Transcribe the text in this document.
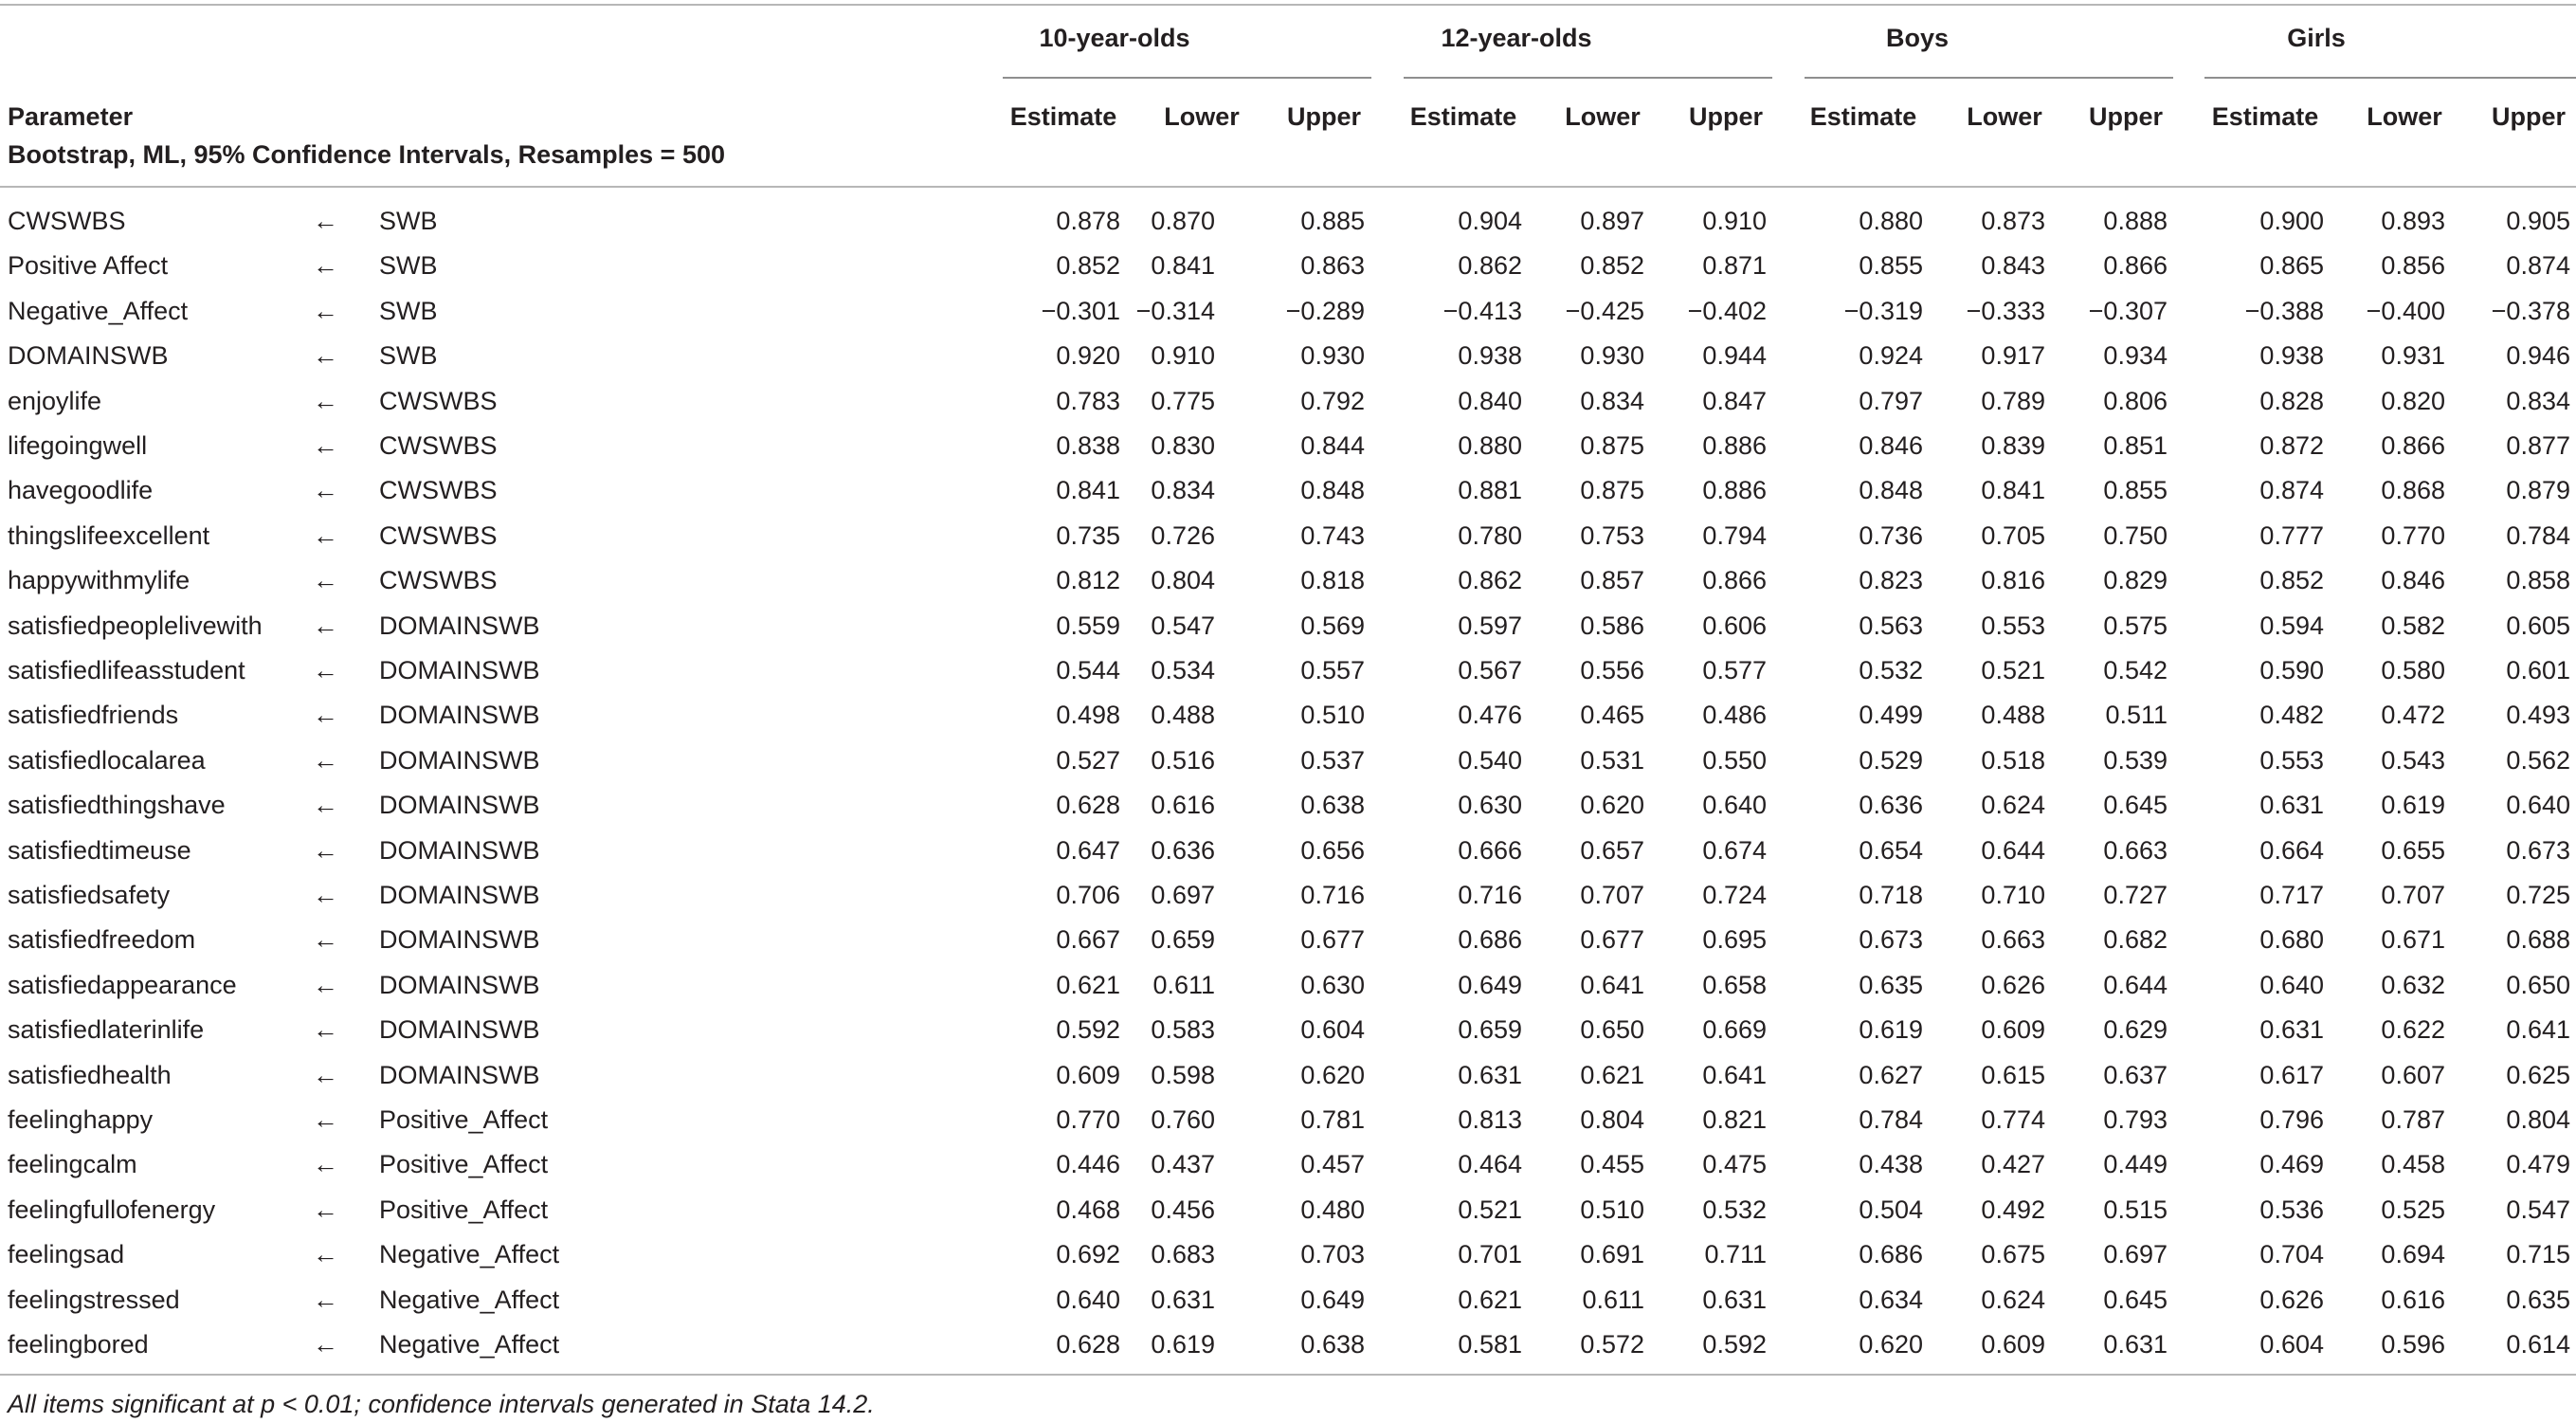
10-year-olds	12-year-olds	Boys	Girls
Parameter
Bootstrap, ML, 95% Confidence Intervals, Resamples = 500
Estimate Lower Upper Estimate Lower Upper Estimate Lower Upper Estimate Lower Upper
CWSWBS	← SWB	0.878 0.870	0.885	0.904 0.897 0.910	0.880 0.873 0.888	0.900 0.893 0.905
Positive Affect	← SWB	0.852 0.841	0.863	0.862 0.852 0.871	0.855 0.843 0.866	0.865 0.856 0.874
Negative_Affect	← SWB	−0.301 −0.314	−0.289	−0.413 −0.425 −0.402	−0.319 −0.333 −0.307	−0.388 −0.400 −0.378
DOMAINSWB	← SWB	0.920 0.910	0.930	0.938 0.930 0.944	0.924 0.917 0.934	0.938 0.931 0.946
enjoylife	← CWSWBS	0.783 0.775	0.792	0.840 0.834 0.847	0.797 0.789 0.806	0.828 0.820 0.834
lifegoingwell	← CWSWBS	0.838 0.830	0.844	0.880 0.875 0.886	0.846 0.839 0.851	0.872 0.866 0.877
havegoodlife	← CWSWBS	0.841 0.834	0.848	0.881 0.875 0.886	0.848 0.841 0.855	0.874 0.868 0.879
thingslifeexcellent	← CWSWBS	0.735 0.726	0.743	0.780 0.753 0.794	0.736 0.705 0.750	0.777 0.770 0.784
happywithmylife	← CWSWBS	0.812 0.804	0.818	0.862 0.857 0.866	0.823 0.816 0.829	0.852 0.846 0.858
satisfiedpeoplelivewith ← DOMAINSWB	0.559 0.547	0.569	0.597 0.586 0.606	0.563 0.553 0.575	0.594 0.582 0.605
satisfiedlifeasstudent	← DOMAINSWB	0.544 0.534	0.557	0.567 0.556 0.577	0.532 0.521 0.542	0.590 0.580 0.601
satisfiedfriends	← DOMAINSWB	0.498 0.488	0.510	0.476 0.465 0.486	0.499 0.488 0.511	0.482 0.472 0.493
satisfiedlocalarea	← DOMAINSWB	0.527 0.516	0.537	0.540 0.531 0.550	0.529 0.518 0.539	0.553 0.543 0.562
satisfiedthingshave	← DOMAINSWB	0.628 0.616	0.638	0.630 0.620 0.640	0.636 0.624 0.645	0.631 0.619 0.640
satisfiedtimeuse	← DOMAINSWB	0.647 0.636	0.656	0.666 0.657 0.674	0.654 0.644 0.663	0.664 0.655 0.673
satisfiedsafety	← DOMAINSWB	0.706 0.697	0.716	0.716 0.707 0.724	0.718 0.710 0.727	0.717 0.707 0.725
satisfiedfreedom	← DOMAINSWB	0.667 0.659	0.677	0.686 0.677 0.695	0.673 0.663 0.682	0.680 0.671 0.688
satisfiedappearance	← DOMAINSWB	0.621 0.611	0.630	0.649 0.641 0.658	0.635 0.626 0.644	0.640 0.632 0.650
satisfiedlaterinlife	← DOMAINSWB	0.592 0.583	0.604	0.659 0.650 0.669	0.619 0.609 0.629	0.631 0.622 0.641
satisfiedhealth	← DOMAINSWB	0.609 0.598	0.620	0.631 0.621 0.641	0.627 0.615 0.637	0.617 0.607 0.625
feelinghappy	← Positive_Affect	0.770 0.760	0.781	0.813 0.804 0.821	0.784 0.774 0.793	0.796 0.787 0.804
feelingcalm	← Positive_Affect	0.446 0.437	0.457	0.464 0.455 0.475	0.438 0.427 0.449	0.469 0.458 0.479
feelingfullofenergy	← Positive_Affect	0.468 0.456	0.480	0.521 0.510 0.532	0.504 0.492 0.515	0.536 0.525 0.547
feelingsad	← Negative_Affect	0.692 0.683	0.703	0.701 0.691 0.711	0.686 0.675 0.697	0.704 0.694 0.715
feelingstressed	← Negative_Affect	0.640 0.631	0.649	0.621 0.611 0.631	0.634 0.624 0.645	0.626 0.616 0.635
feelingbored	← Negative_Affect	0.628 0.619	0.638	0.581 0.572 0.592	0.620 0.609 0.631	0.604 0.596 0.614
All items significant at p < 0.01; confidence intervals generated in Stata 14.2.
